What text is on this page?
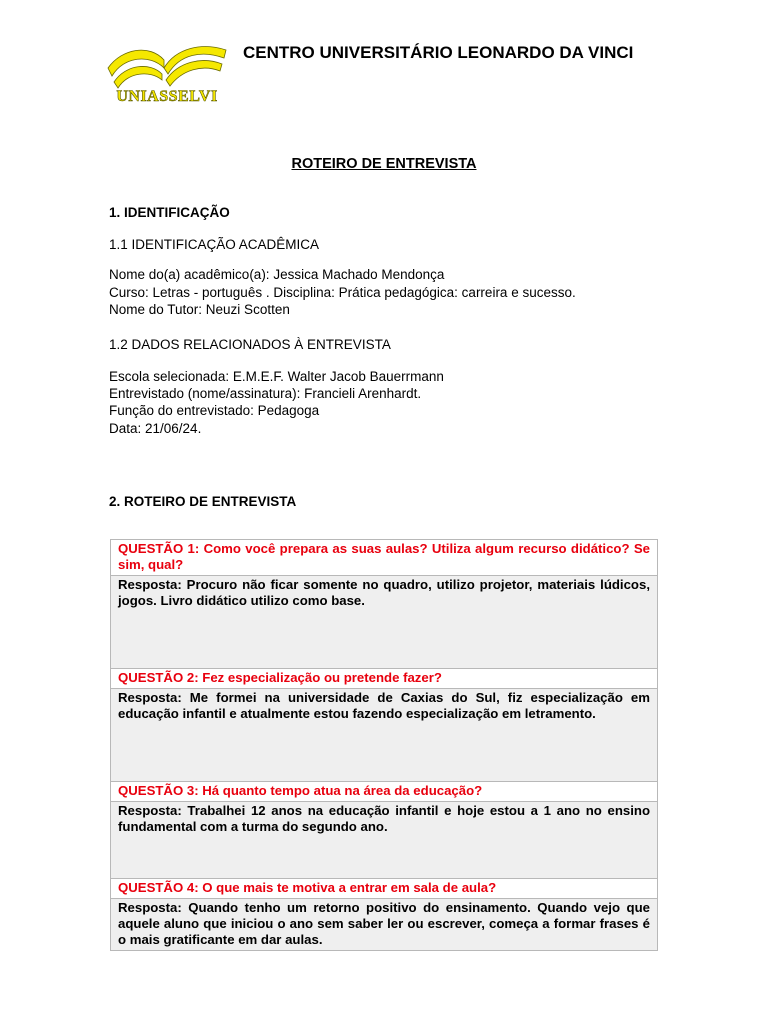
UNIASSELVI
CENTRO UNIVERSITÁRIO LEONARDO DA VINCI
ROTEIRO DE ENTREVISTA
1. IDENTIFICAÇÃO
1.1 IDENTIFICAÇÃO ACADÊMICA
Nome do(a) acadêmico(a): Jessica Machado Mendonça
Curso: Letras - português . Disciplina: Prática pedagógica: carreira e sucesso.
Nome do Tutor: Neuzi Scotten
1.2 DADOS RELACIONADOS À ENTREVISTA
Escola selecionada: E.M.E.F. Walter Jacob Bauerrmann
Entrevistado (nome/assinatura): Francieli Arenhardt.
Função do entrevistado: Pedagoga
Data: 21/06/24.
2. ROTEIRO DE ENTREVISTA
QUESTÃO 1: Como você prepara as suas aulas? Utiliza algum recurso didático? Se sim, qual?
Resposta: Procuro não ficar somente no quadro, utilizo projetor, materiais lúdicos, jogos. Livro didático utilizo como base.
QUESTÃO 2: Fez especialização ou pretende fazer?
Resposta: Me formei na universidade de Caxias do Sul, fiz especialização em educação infantil e atualmente estou fazendo especialização em letramento.
QUESTÃO 3: Há quanto tempo atua na área da educação?
Resposta: Trabalhei 12 anos na educação infantil e hoje estou a 1 ano no ensino fundamental com a turma do segundo ano.
QUESTÃO 4: O que mais te motiva a entrar em sala de aula?
Resposta: Quando tenho um retorno positivo do ensinamento. Quando vejo que aquele aluno que iniciou o ano sem saber ler ou escrever, começa a formar frases é o mais gratificante em dar aulas.
